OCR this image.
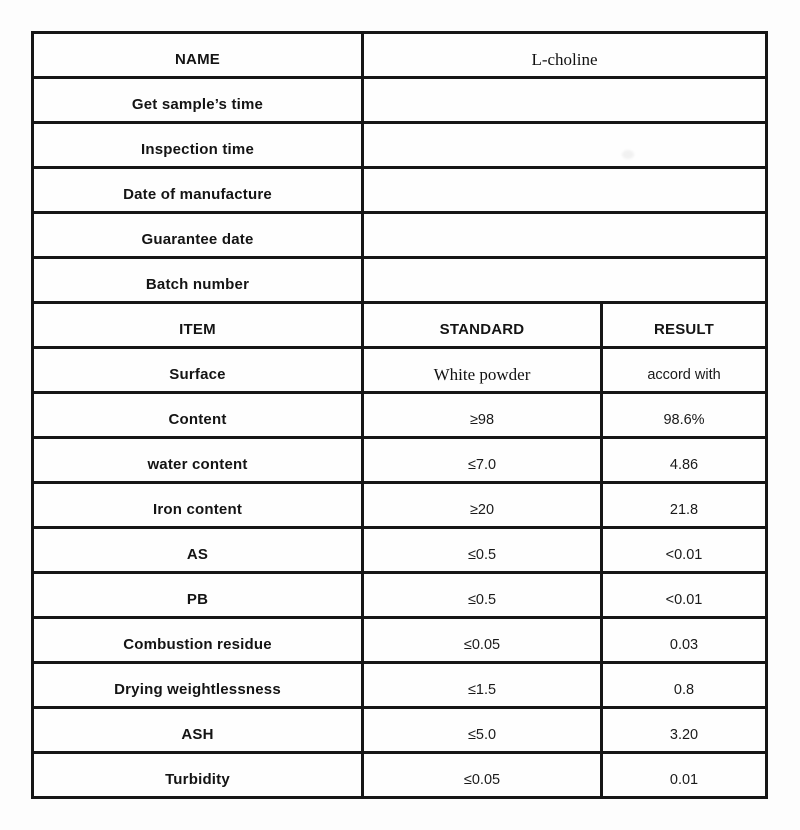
NAME	L-choline
Get sample’s time
Inspection time
Date of manufacture
Guarantee date
Batch number
ITEM	STANDARD	RESULT
Surface	White powder	accord with
Content	≥98	98.6%
water content	≤7.0	4.86
Iron content	≥20	21.8
AS	≤0.5	<0.01
PB	≤0.5	<0.01
Combustion residue	≤0.05	0.03
Drying weightlessness	≤1.5	0.8
ASH	≤5.0	3.20
Turbidity	≤0.05	0.01
